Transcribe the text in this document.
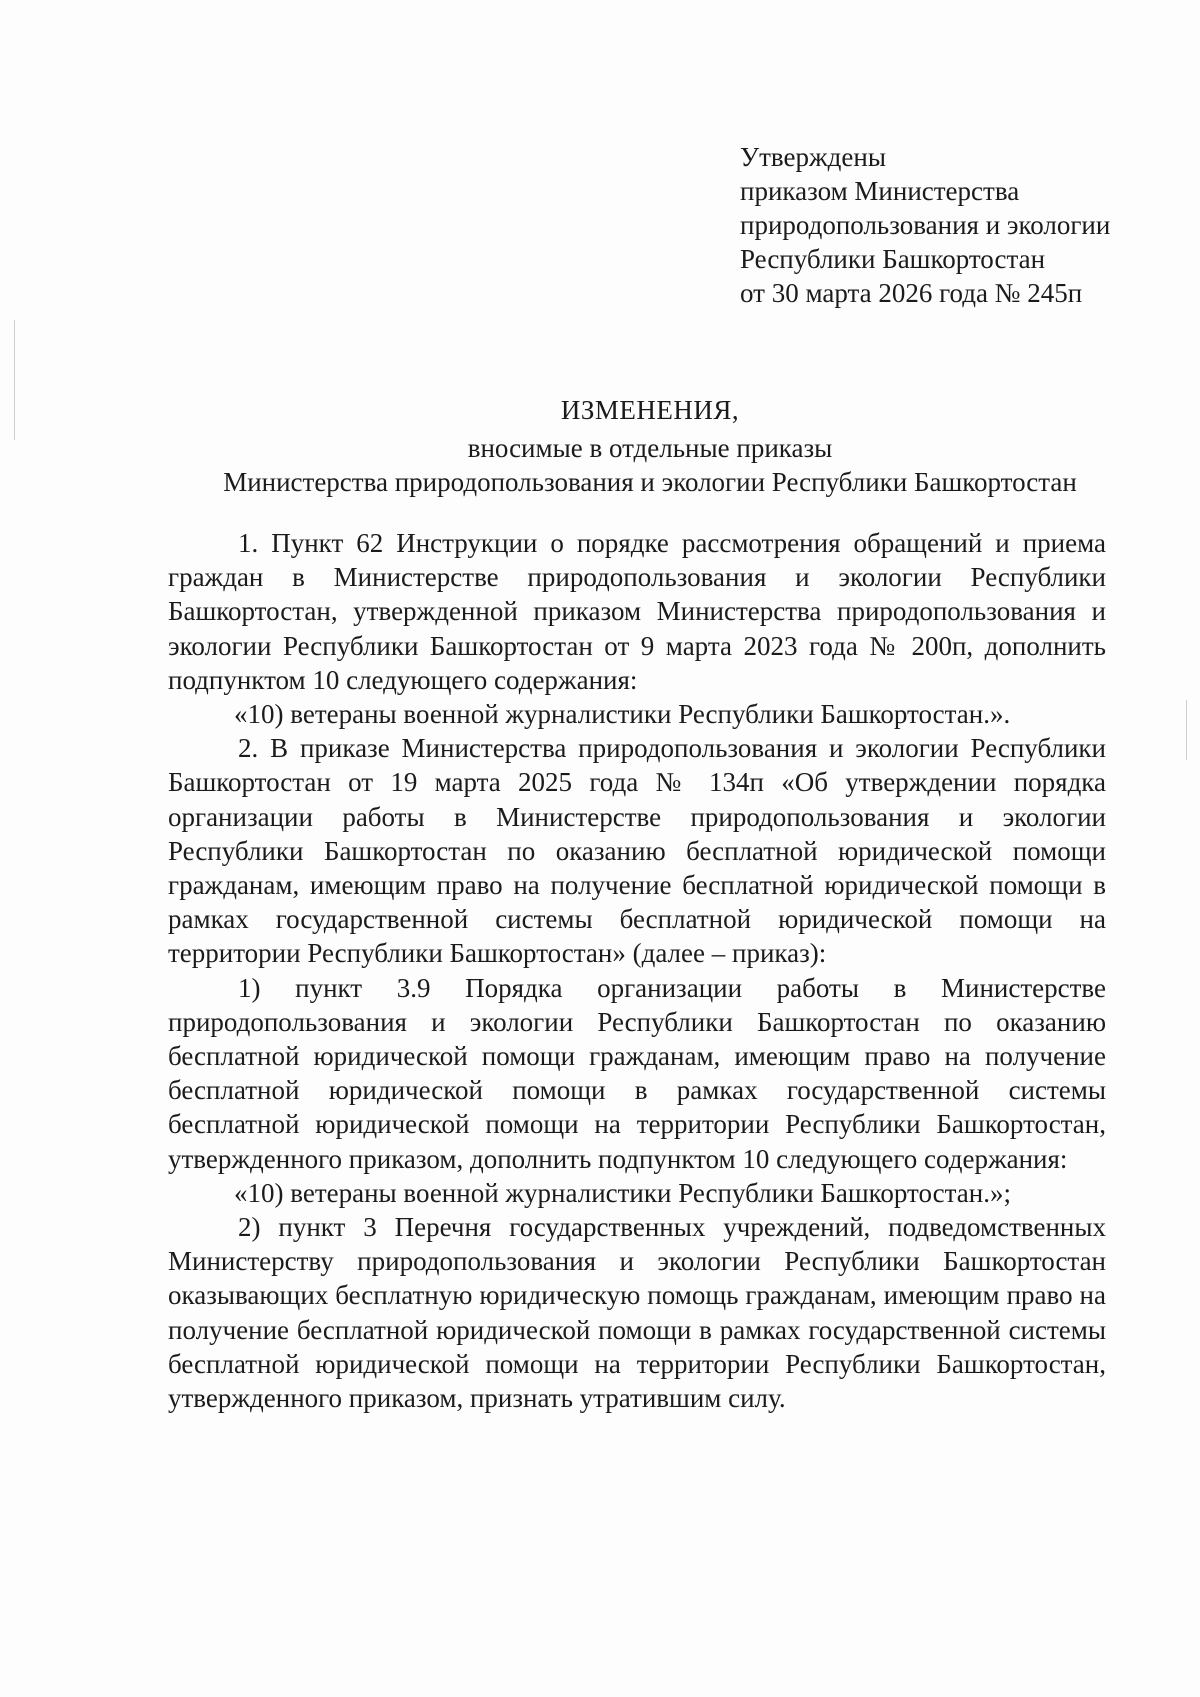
Утверждены
приказом Министерства
природопользования и экологии
Республики Башкортостан
от 30 марта 2026 года № 245п
ИЗМЕНЕНИЯ,
вносимые в отдельные приказы
Министерства природопользования и экологии Республики Башкортостан

1. Пункт 62 Инструкции о порядке рассмотрения обращений и приема граждан в Министерстве природопользования и экологии Республики Башкортостан, утвержденной приказом Министерства природопользования и экологии Республики Башкортостан от 9 марта 2023 года № 200п, дополнить подпунктом 10 следующего содержания:

«10) ветераны военной журналистики Республики Башкортостан.».

2. В приказе Министерства природопользования и экологии Республики Башкортостан от 19 марта 2025 года № 134п «Об утверждении порядка организации работы в Министерстве природопользования и экологии Республики Башкортостан по оказанию бесплатной юридической помощи гражданам, имеющим право на получение бесплатной юридической помощи в рамках государственной системы бесплатной юридической помощи на территории Республики Башкортостан» (далее – приказ):

1) пункт 3.9 Порядка организации работы в Министерстве природопользования и экологии Республики Башкортостан по оказанию бесплатной юридической помощи гражданам, имеющим право на получение бесплатной юридической помощи в рамках государственной системы бесплатной юридической помощи на территории Республики Башкортостан, утвержденного приказом, дополнить подпунктом 10 следующего содержания:

«10) ветераны военной журналистики Республики Башкортостан.»;

2) пункт 3 Перечня государственных учреждений, подведомственных Министерству природопользования и экологии Республики Башкортостан оказывающих бесплатную юридическую помощь гражданам, имеющим право на получение бесплатной юридической помощи в рамках государственной системы бесплатной юридической помощи на территории Республики Башкортостан, утвержденного приказом, признать утратившим силу.
